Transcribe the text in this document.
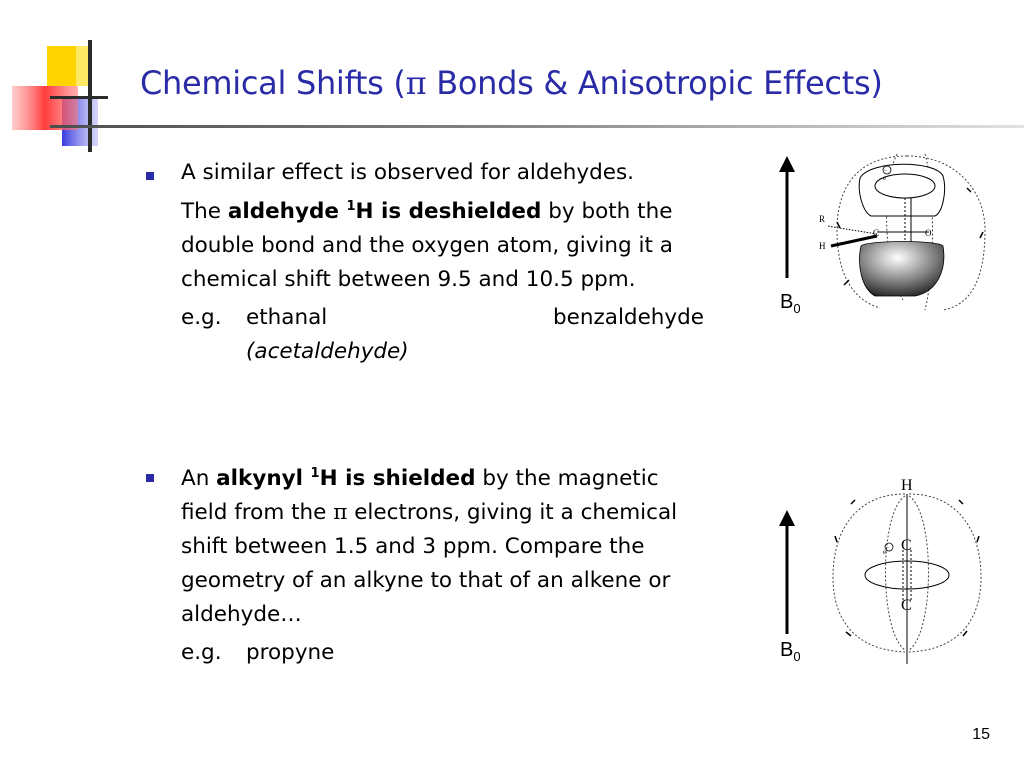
Chemical Shifts (π Bonds & Anisotropic Effects)
A similar effect is observed for aldehydes.
The aldehyde $^1$H is deshielded by both the
double bond and the oxygen atom, giving it a
chemical shift between 9.5 and 10.5 ppm.
e.g. ethanal
(acetaldehyde)
benzaldehyde
An alkynyl $^1$H is shielded by the magnetic
field from the π electrons, giving it a chemical
shift between 1.5 and 3 ppm. Compare the
geometry of an alkyne to that of an alkene or
aldehyde…
e.g. propyne
e
−
R
H
C	O
$B_0$
e −
H
C
C
$B_0$
15
